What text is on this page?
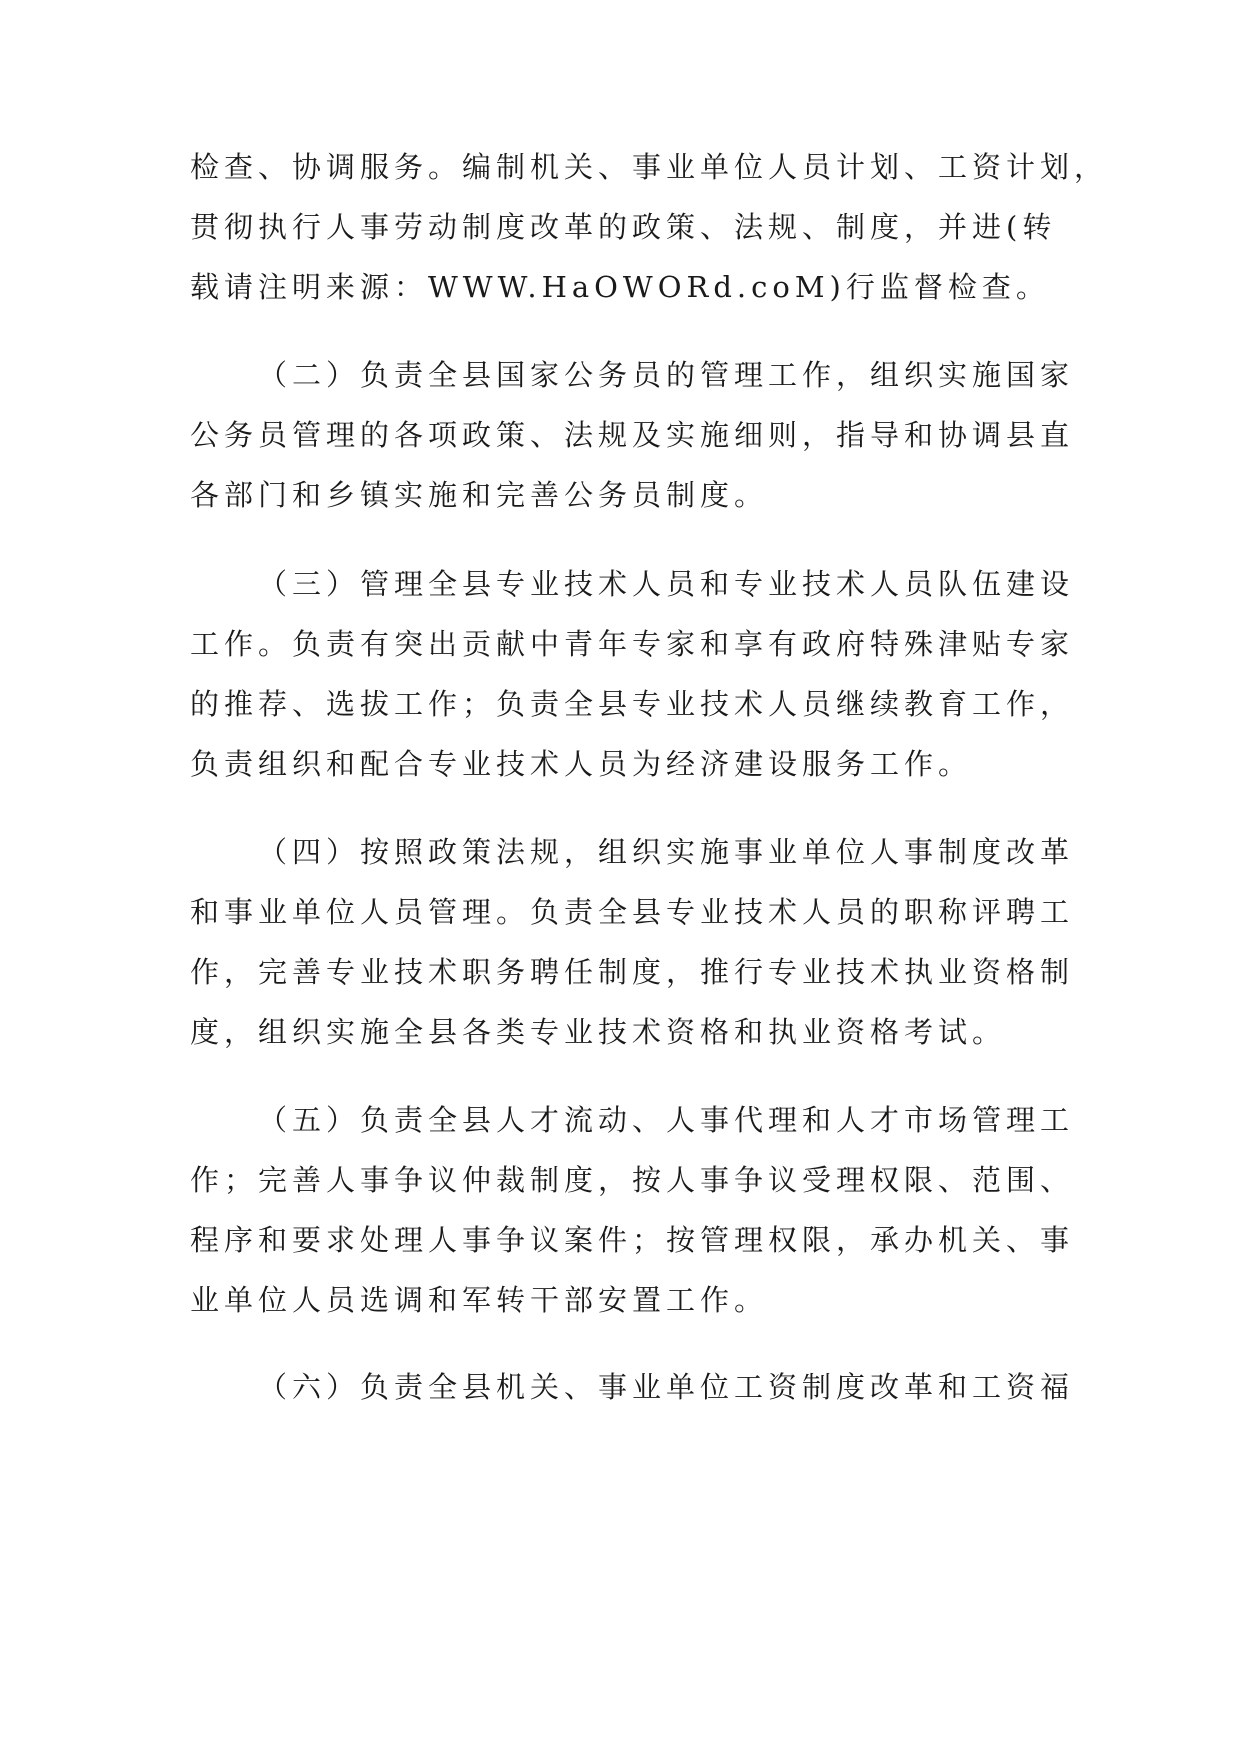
检查、协调服务。编制机关、事业单位人员计划、工资计划，
贯彻执行人事劳动制度改革的政策、法规、制度，并进(转
载请注明来源：WWW.HaOWORd.coM)行监督检查。
（二）负责全县国家公务员的管理工作，组织实施国家
公务员管理的各项政策、法规及实施细则，指导和协调县直
各部门和乡镇实施和完善公务员制度。
（三）管理全县专业技术人员和专业技术人员队伍建设
工作。负责有突出贡献中青年专家和享有政府特殊津贴专家
的推荐、选拔工作；负责全县专业技术人员继续教育工作，
负责组织和配合专业技术人员为经济建设服务工作。
（四）按照政策法规，组织实施事业单位人事制度改革
和事业单位人员管理。负责全县专业技术人员的职称评聘工
作，完善专业技术职务聘任制度，推行专业技术执业资格制
度，组织实施全县各类专业技术资格和执业资格考试。
（五）负责全县人才流动、人事代理和人才市场管理工
作；完善人事争议仲裁制度，按人事争议受理权限、范围、
程序和要求处理人事争议案件；按管理权限，承办机关、事
业单位人员选调和军转干部安置工作。
（六）负责全县机关、事业单位工资制度改革和工资福
